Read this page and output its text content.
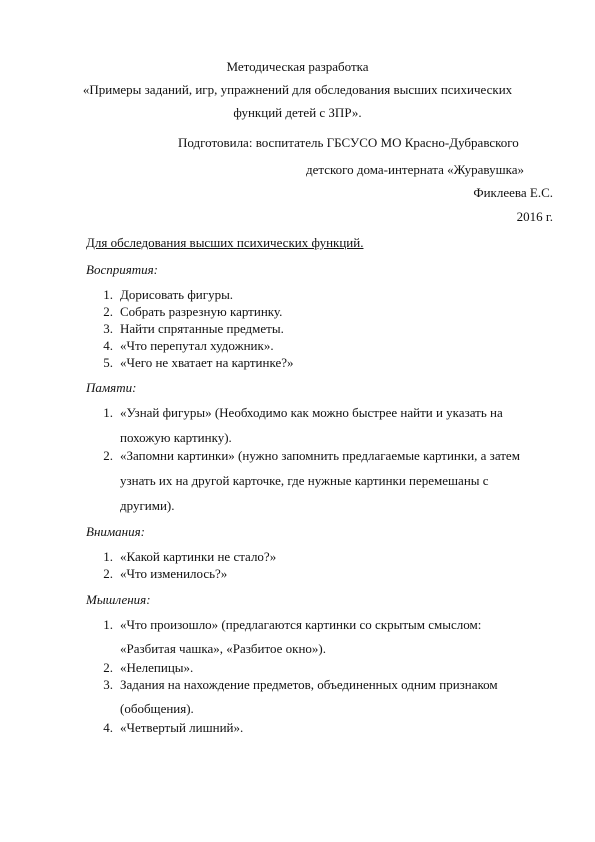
Методическая разработка
«Примеры заданий, игр, упражнений для обследования высших психических
функций детей с ЗПР».
Подготовила: воспитатель ГБСУСО МО Красно-Дубравского
детского дома-интерната «Журавушка»
Фиклеева Е.С.
2016 г.
Для обследования высших психических функций.
Восприятия:
1. Дорисовать фигуры.
2. Собрать разрезную картинку.
3. Найти спрятанные предметы.
4. «Что перепутал художник».
5. «Чего не хватает на картинке?»
Памяти:
1. «Узнай фигуры» (Необходимо как можно быстрее найти и указать на
похожую картинку).
2. «Запомни картинки» (нужно запомнить предлагаемые картинки, а затем
узнать их на другой карточке, где нужные картинки перемешаны с
другими).
Внимания:
1. «Какой картинки не стало?»
2. «Что изменилось?»
Мышления:
1. «Что произошло» (предлагаются картинки со скрытым смыслом:
«Разбитая чашка», «Разбитое окно»).
2. «Нелепицы».
3. Задания на нахождение предметов, объединенных одним признаком
(обобщения).
4. «Четвертый лишний».
